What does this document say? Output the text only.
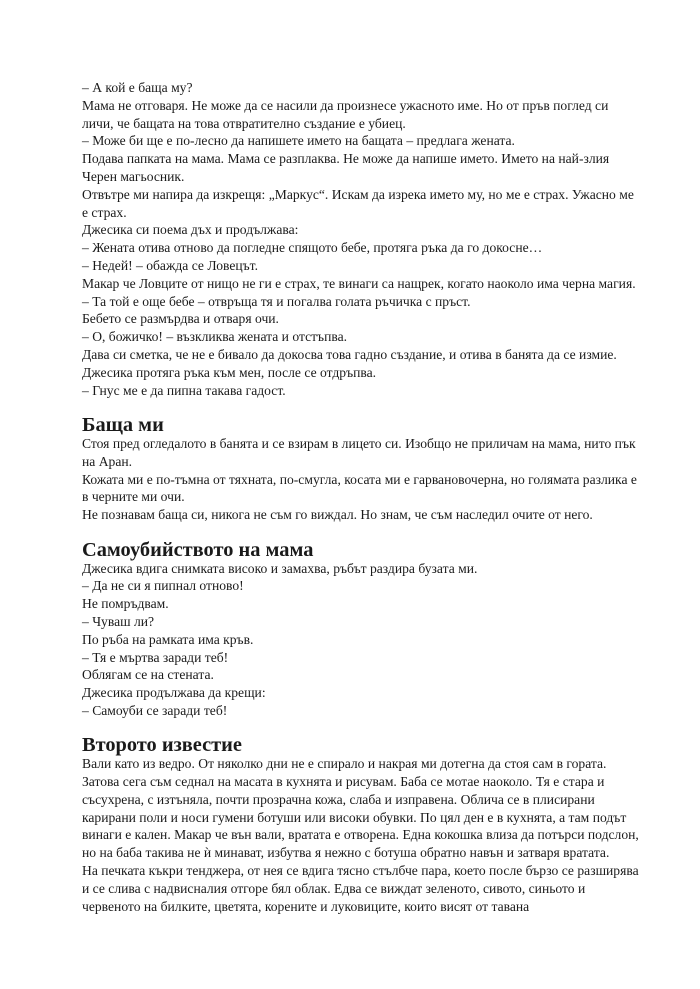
– А кой е баща му?

Мама не отговаря. Не може да се насили да произнесе ужасното име. Но от пръв поглед си личи, че бащата на това отвратително създание е убиец.

– Може би ще е по-лесно да напишете името на бащата – предлага жената.

Подава папката на мама. Мама се разплаква. Не може да напише името. Името на най-злия Черен магьосник.

Отвътре ми напира да изкрещя: „Маркус“. Искам да изрека името му, но ме е страх. Ужасно ме е страх.

Джесика си поема дъх и продължава:

– Жената отива отново да погледне спящото бебе, протяга ръка да го докосне…

– Недей! – обажда се Ловецът.

Макар че Ловците от нищо не ги е страх, те винаги са нащрек, когато наоколо има черна магия.

– Та той е още бебе – отвръща тя и погалва голата ръчичка с пръст.

Бебето се размърдва и отваря очи.

– О, божичко! – възкликва жената и отстъпва.

Дава си сметка, че не е бивало да докосва това гадно създание, и отива в банята да се измие.

Джесика протяга ръка към мен, после се отдръпва.

– Гнус ме е да пипна такава гадост.

Баща ми

Стоя пред огледалото в банята и се взирам в лицето си. Изобщо не приличам на мама, нито пък на Аран.

Кожата ми е по-тъмна от тяхната, по-смугла, косата ми е гарвановочерна, но голямата разлика е в черните ми очи.

Не познавам баща си, никога не съм го виждал. Но знам, че съм наследил очите от него.

Самоубийството на мама

Джесика вдига снимката високо и замахва, ръбът раздира бузата ми.

– Да не си я пипнал отново!

Не помръдвам.

– Чуваш ли?

По ръба на рамката има кръв.

– Тя е мъртва заради теб!

Облягам се на стената.

Джесика продължава да крещи:

– Самоуби се заради теб!

Второто известие

Вали като из ведро. От няколко дни не е спирало и накрая ми дотегна да стоя сам в гората. Затова сега съм седнал на масата в кухнята и рисувам. Баба се мотае наоколо. Тя е стара и съсухрена, с изтъняла, почти прозрачна кожа, слаба и изправена. Облича се в плисирани карирани поли и носи гумени ботуши или високи обувки. По цял ден е в кухнята, а там подът винаги е кален. Макар че вън вали, вратата е отворена. Една кокошка влиза да потърси подслон, но на баба такива не ѝ минават, избутва я нежно с ботуша обратно навън и затваря вратата.

На печката къкри тенджера, от нея се вдига тясно стълбче пара, което после бързо се разширява и се слива с надвисналия отгоре бял облак. Едва се виждат зеленото, сивото, синьото и червеното на билките, цветята, корените и луковиците, които висят от тавана
